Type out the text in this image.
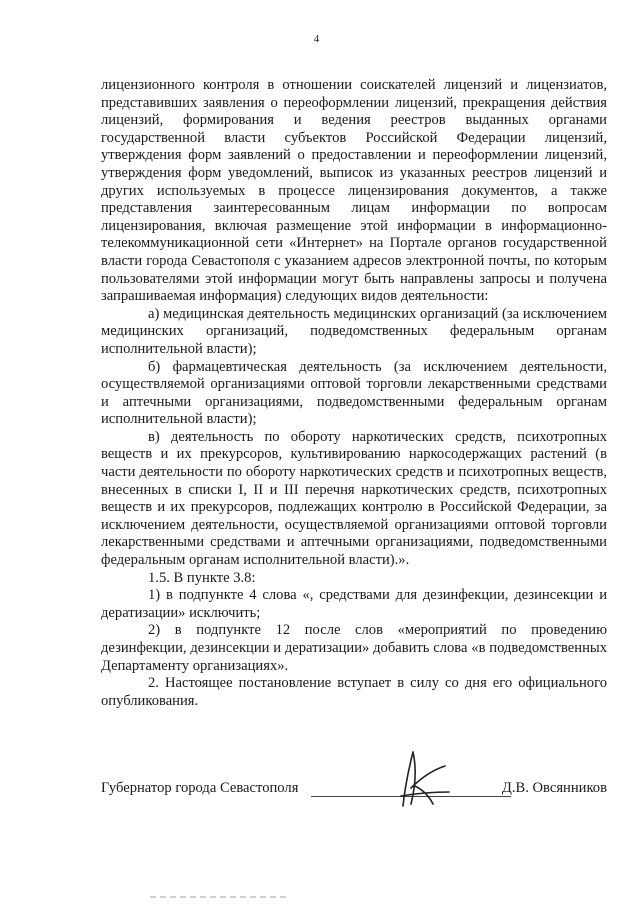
4

лицензионного контроля в отношении соискателей лицензий и лицензиатов, представивших заявления о переоформлении лицензий, прекращения действия лицензий, формирования и ведения реестров выданных органами государственной власти субъектов Российской Федерации лицензий, утверждения форм заявлений о предоставлении и переоформлении лицензий, утверждения форм уведомлений, выписок из указанных реестров лицензий и других используемых в процессе лицензирования документов, а также представления заинтересованным лицам информации по вопросам лицензирования, включая размещение этой информации в информационно-телекоммуникационной сети «Интернет» на Портале органов государственной власти города Севастополя с указанием адресов электронной почты, по которым пользователями этой информации могут быть направлены запросы и получена запрашиваемая информация) следующих видов деятельности:

а) медицинская деятельность медицинских организаций (за исключением медицинских организаций, подведомственных федеральным органам исполнительной власти);

б) фармацевтическая деятельность (за исключением деятельности, осуществляемой организациями оптовой торговли лекарственными средствами и аптечными организациями, подведомственными федеральным органам исполнительной власти);

в) деятельность по обороту наркотических средств, психотропных веществ и их прекурсоров, культивированию наркосодержащих растений (в части деятельности по обороту наркотических средств и психотропных веществ, внесенных в списки I, II и III перечня наркотических средств, психотропных веществ и их прекурсоров, подлежащих контролю в Российской Федерации, за исключением деятельности, осуществляемой организациями оптовой торговли лекарственными средствами и аптечными организациями, подведомственными федеральным органам исполнительной власти).».

1.5. В пункте 3.8:

1) в подпункте 4 слова «, средствами для дезинфекции, дезинсекции и дератизации» исключить;

2) в подпункте 12 после слов «мероприятий по проведению дезинфекции, дезинсекции и дератизации» добавить слова «в подведомственных Департаменту организациях».

2. Настоящее постановление вступает в силу со дня его официального опубликования.

Губернатор города Севастополя	Д.В. Овсянников
